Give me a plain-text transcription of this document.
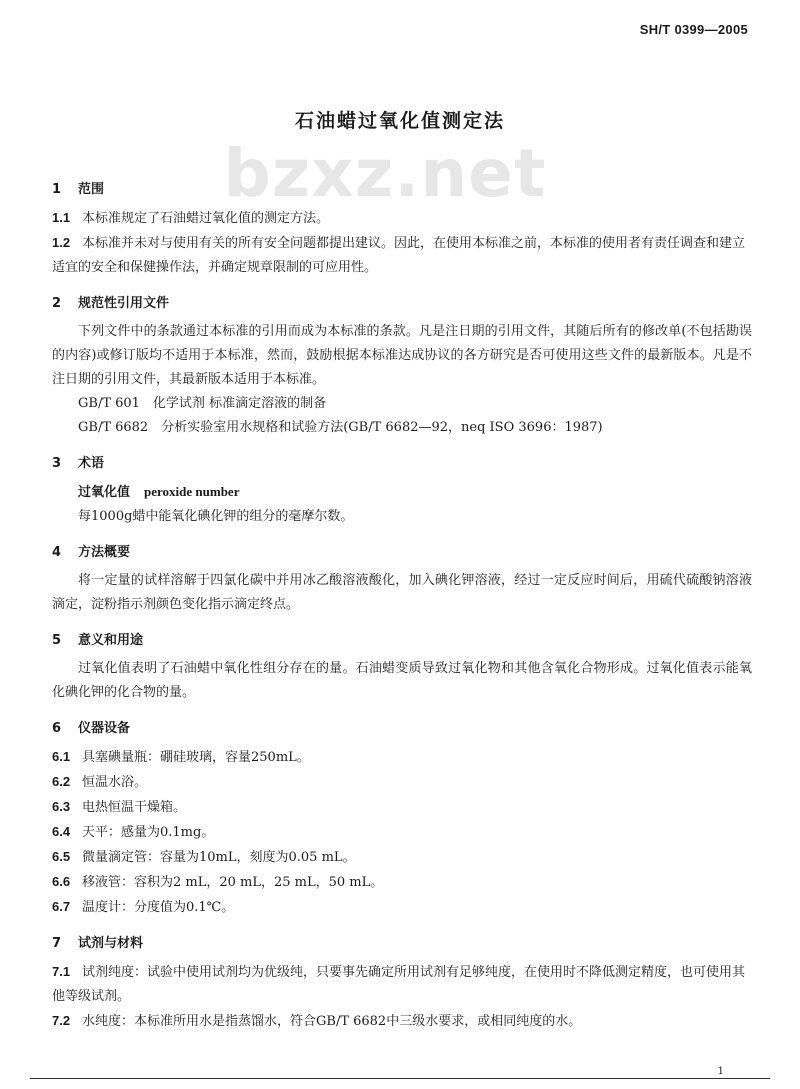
SH/T 0399—2005
石油蜡过氧化值测定法
bzxz.net
1 范围

1.1 本标准规定了石油蜡过氧化值的测定方法。

1.2 本标准并未对与使用有关的所有安全问题都提出建议。因此，在使用本标准之前，本标准的使用者有责任调查和建立适宜的安全和保健操作法，并确定规章限制的可应用性。

2 规范性引用文件

下列文件中的条款通过本标准的引用而成为本标准的条款。凡是注日期的引用文件，其随后所有的修改单(不包括勘误的内容)或修订版均不适用于本标准，然而，鼓励根据本标准达成协议的各方研究是否可使用这些文件的最新版本。凡是不注日期的引用文件，其最新版本适用于本标准。

GB/T 601　化学试剂 标准滴定溶液的制备

GB/T 6682　分析实验室用水规格和试验方法(GB/T 6682—92，neq ISO 3696：1987)

3 术语

过氧化值 peroxide number

每1000g蜡中能氧化碘化钾的组分的毫摩尔数。

4 方法概要

将一定量的试样溶解于四氯化碳中并用冰乙酸溶液酸化，加入碘化钾溶液，经过一定反应时间后，用硫代硫酸钠溶液滴定，淀粉指示剂颜色变化指示滴定终点。

5 意义和用途

过氧化值表明了石油蜡中氧化性组分存在的量。石油蜡变质导致过氧化物和其他含氧化合物形成。过氧化值表示能氧化碘化钾的化合物的量。

6 仪器设备

6.1 具塞碘量瓶：硼硅玻璃，容量250mL。

6.2 恒温水浴。

6.3 电热恒温干燥箱。

6.4 天平：感量为0.1mg。

6.5 微量滴定管：容量为10mL，刻度为0.05 mL。

6.6 移液管：容积为2 mL，20 mL，25 mL，50 mL。

6.7 温度计：分度值为0.1℃。

7 试剂与材料

7.1 试剂纯度：试验中使用试剂均为优级纯，只要事先确定所用试剂有足够纯度，在使用时不降低测定精度，也可使用其他等级试剂。

7.2 水纯度：本标准所用水是指蒸馏水，符合GB/T 6682中三级水要求，或相同纯度的水。

1
